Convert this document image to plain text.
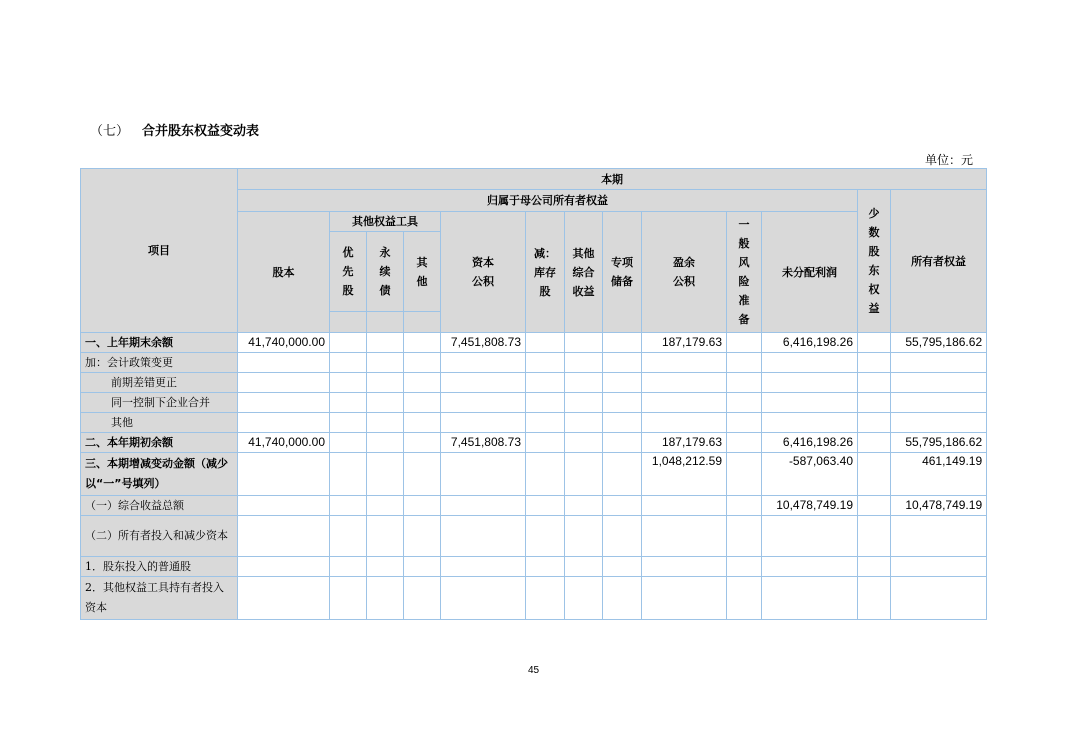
（七） 合并股东权益变动表
单位：元
项目	本期												
	归属于母公司所有者权益											少数股东权益	所有者权益
	股本	其他权益工具			资本公积	减：库存股	其他综合收益	专项储备	盈余公积	一般风险准备	未分配利润		
		优先股	永续债	其他									

一、上年期末余额	41,740,000.00				7,451,808.73				187,179.63		6,416,198.26		55,795,186.62
加：会计政策变更													
前期差错更正													
同一控制下企业合并													
其他													
二、本年期初余额	41,740,000.00				7,451,808.73				187,179.63		6,416,198.26		55,795,186.62
三、本期增减变动金额（减少以“一”号填列）									1,048,212.59		-587,063.40		461,149.19
（一）综合收益总额											10,478,749.19		10,478,749.19
（二）所有者投入和减少资本													
1．股东投入的普通股													
2．其他权益工具持有者投入资本													
45
